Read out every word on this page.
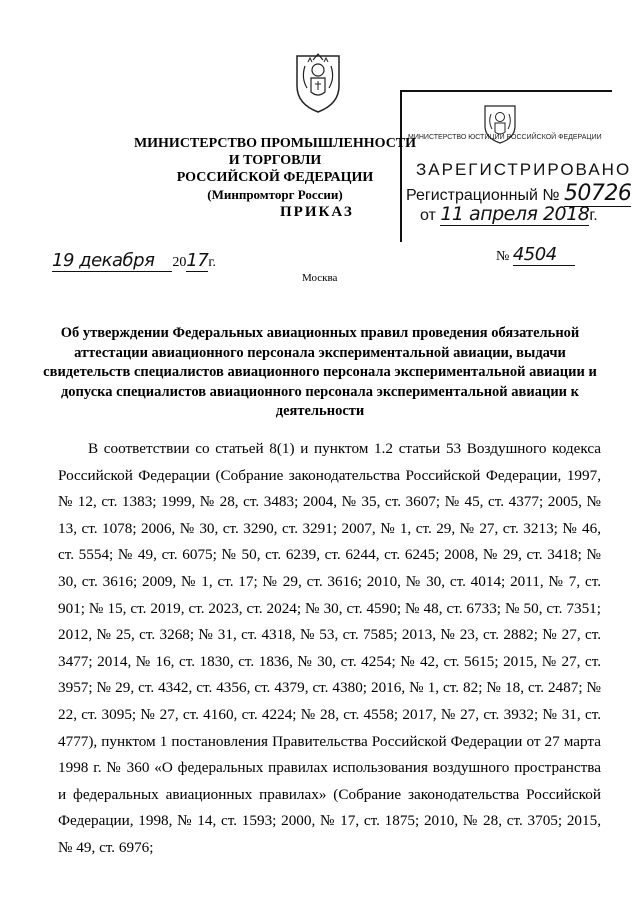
МИНИСТЕРСТВО ЮСТИЦИИ РОССИЙСКОЙ ФЕДЕРАЦИИ
ЗАРЕГИСТРИРОВАНО
Регистрационный № 50726
от 11 апреля 2018г.
МИНИСТЕРСТВО ПРОМЫШЛЕННОСТИ И ТОРГОВЛИ
РОССИЙСКОЙ ФЕДЕРАЦИИ
(Минпромторг России)
ПРИКАЗ
19 декабря 2017г.	№ 4504
Москва
Об утверждении Федеральных авиационных правил проведения обязательной аттестации авиационного персонала экспериментальной авиации, выдачи свидетельств специалистов авиационного персонала экспериментальной авиации и допуска специалистов авиационного персонала экспериментальной авиации к деятельности

В соответствии со статьей 8(1) и пунктом 1.2 статьи 53 Воздушного кодекса Российской Федерации (Собрание законодательства Российской Федерации, 1997, № 12, ст. 1383; 1999, № 28, ст. 3483; 2004, № 35, ст. 3607; № 45, ст. 4377; 2005, № 13, ст. 1078; 2006, № 30, ст. 3290, ст. 3291; 2007, № 1, ст. 29, № 27, ст. 3213; № 46, ст. 5554; № 49, ст. 6075; № 50, ст. 6239, ст. 6244, ст. 6245; 2008, № 29, ст. 3418; № 30, ст. 3616; 2009, № 1, ст. 17; № 29, ст. 3616; 2010, № 30, ст. 4014; 2011, № 7, ст. 901; № 15, ст. 2019, ст. 2023, ст. 2024; № 30, ст. 4590; № 48, ст. 6733; № 50, ст. 7351; 2012, № 25, ст. 3268; № 31, ст. 4318, № 53, ст. 7585; 2013, № 23, ст. 2882; № 27, ст. 3477; 2014, № 16, ст. 1830, ст. 1836, № 30, ст. 4254; № 42, ст. 5615; 2015, № 27, ст. 3957; № 29, ст. 4342, ст. 4356, ст. 4379, ст. 4380; 2016, № 1, ст. 82; № 18, ст. 2487; № 22, ст. 3095; № 27, ст. 4160, ст. 4224; № 28, ст. 4558; 2017, № 27, ст. 3932; № 31, ст. 4777), пунктом 1 постановления Правительства Российской Федерации от 27 марта 1998 г. № 360 «О федеральных правилах использования воздушного пространства и федеральных авиационных правилах» (Собрание законодательства Российской Федерации, 1998, № 14, ст. 1593; 2000, № 17, ст. 1875; 2010, № 28, ст. 3705; 2015, № 49, ст. 6976;
